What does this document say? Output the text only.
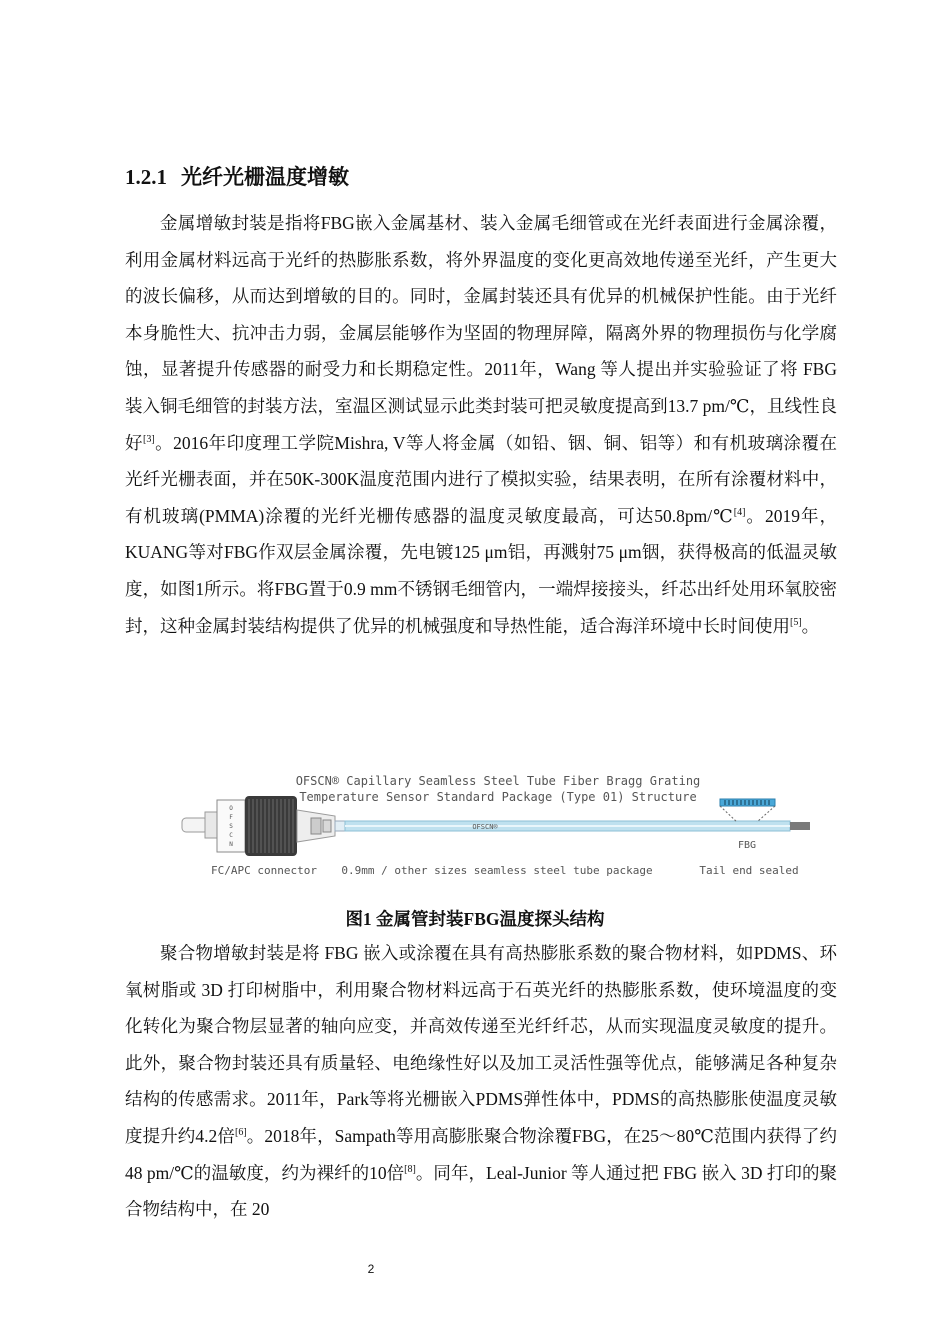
1.2.1 光纤光栅温度增敏

金属增敏封装是指将FBG嵌入金属基材、装入金属毛细管或在光纤表面进行金属涂覆，利用金属材料远高于光纤的热膨胀系数，将外界温度的变化更高效地传递至光纤，产生更大的波长偏移，从而达到增敏的目的。同时，金属封装还具有优异的机械保护性能。由于光纤本身脆性大、抗冲击力弱，金属层能够作为坚固的物理屏障，隔离外界的物理损伤与化学腐蚀，显著提升传感器的耐受力和长期稳定性。2011年，Wang 等人提出并实验验证了将 FBG 装入铜毛细管的封装方法，室温区测试显示此类封装可把灵敏度提高到13.7 pm/℃，且线性良好[3]。2016年印度理工学院Mishra, V等人将金属（如铅、铟、铜、铝等）和有机玻璃涂覆在光纤光栅表面，并在50K-300K温度范围内进行了模拟实验，结果表明，在所有涂覆材料中，有机玻璃(PMMA)涂覆的光纤光栅传感器的温度灵敏度最高，可达50.8pm/℃[4]。2019年，KUANG等对FBG作双层金属涂覆，先电镀125 μm铝，再溅射75 μm铟，获得极高的低温灵敏度，如图1所示。将FBG置于0.9 mm不锈钢毛细管内，一端焊接接头，纤芯出纤处用环氧胶密封，这种金属封装结构提供了优异的机械强度和导热性能，适合海洋环境中长时间使用[5]。

OFSCN® Capillary Seamless Steel Tube Fiber Bragg Grating
Temperature Sensor Standard Package (Type 01) Structure
O
F
S
C
N
OFSCN®
FBG
FC/APC connector 0.9mm / other sizes seamless steel tube package	Tail end sealed
图1 金属管封装FBG温度探头结构

聚合物增敏封装是将 FBG 嵌入或涂覆在具有高热膨胀系数的聚合物材料，如PDMS、环氧树脂或 3D 打印树脂中，利用聚合物材料远高于石英光纤的热膨胀系数，使环境温度的变化转化为聚合物层显著的轴向应变，并高效传递至光纤纤芯，从而实现温度灵敏度的提升。此外，聚合物封装还具有质量轻、电绝缘性好以及加工灵活性强等优点，能够满足各种复杂结构的传感需求。2011年，Park等将光栅嵌入PDMS弹性体中，PDMS的高热膨胀使温度灵敏度提升约4.2倍[6]。2018年，Sampath等用高膨胀聚合物涂覆FBG，在25～80℃范围内获得了约48 pm/℃的温敏度，约为裸纤的10倍[8]。同年，Leal-Junior 等人通过把 FBG 嵌入 3D 打印的聚合物结构中，在 20

2
